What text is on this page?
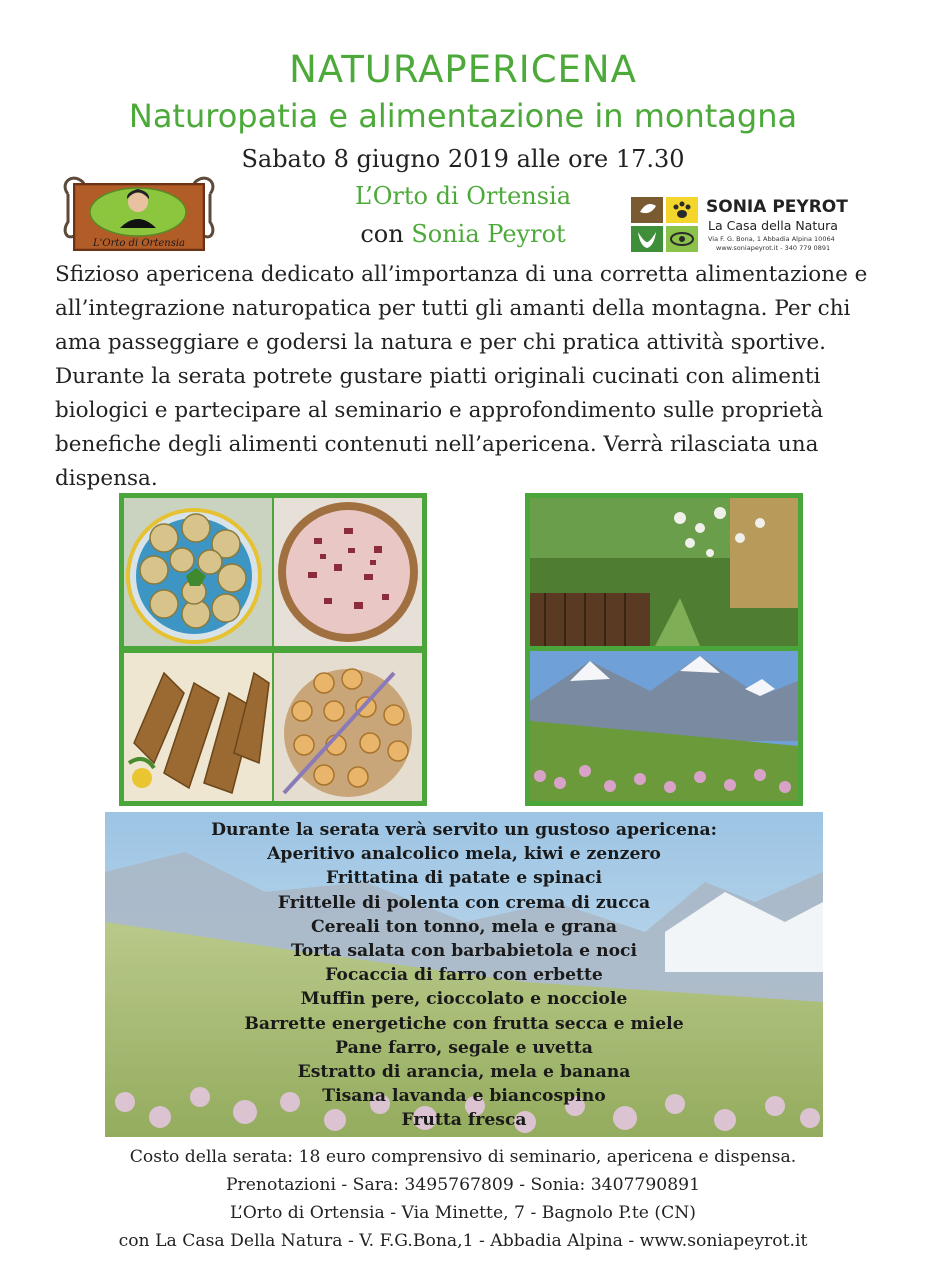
NATURAPERICENA
Naturopatia e alimentazione in montagna
Sabato 8 giugno 2019 alle ore 17.30
L’Orto di Ortensia
con Sonia Peyrot
L'Orto di Ortensia
SONIA PEYROT
La Casa della Natura
Via F. G. Bona, 1 Abbadia Alpina 10064
www.soniapeyrot.it - 340 779 0891
Sfizioso apericena dedicato all’importanza di una corretta alimentazione e all’integrazione naturopatica per tutti gli amanti della montagna. Per chi ama passeggiare e godersi la natura e per chi pratica attività sportive. Durante la serata potrete gustare piatti originali cucinati con alimenti biologici e partecipare al seminario e approfondimento sulle proprietà benefiche degli alimenti contenuti nell’apericena. Verrà rilasciata una dispensa.
Durante la serata verà servito un gustoso apericena:
Aperitivo analcolico mela, kiwi e zenzero
Frittatina di patate e spinaci
Frittelle di polenta con crema di zucca
Cereali ton tonno, mela e grana
Torta salata con barbabietola e noci
Focaccia di farro con erbette
Muffin pere, cioccolato e nocciole
Barrette energetiche con frutta secca e miele
Pane farro, segale e uvetta
Estratto di arancia, mela e banana
Tisana lavanda e biancospino
Frutta fresca
Costo della serata: 18 euro comprensivo di seminario, apericena e dispensa.
Prenotazioni - Sara: 3495767809 - Sonia: 3407790891
L’Orto di Ortensia - Via Minette, 7 - Bagnolo P.te (CN)
con La Casa Della Natura - V. F.G.Bona,1 - Abbadia Alpina - www.soniapeyrot.it
